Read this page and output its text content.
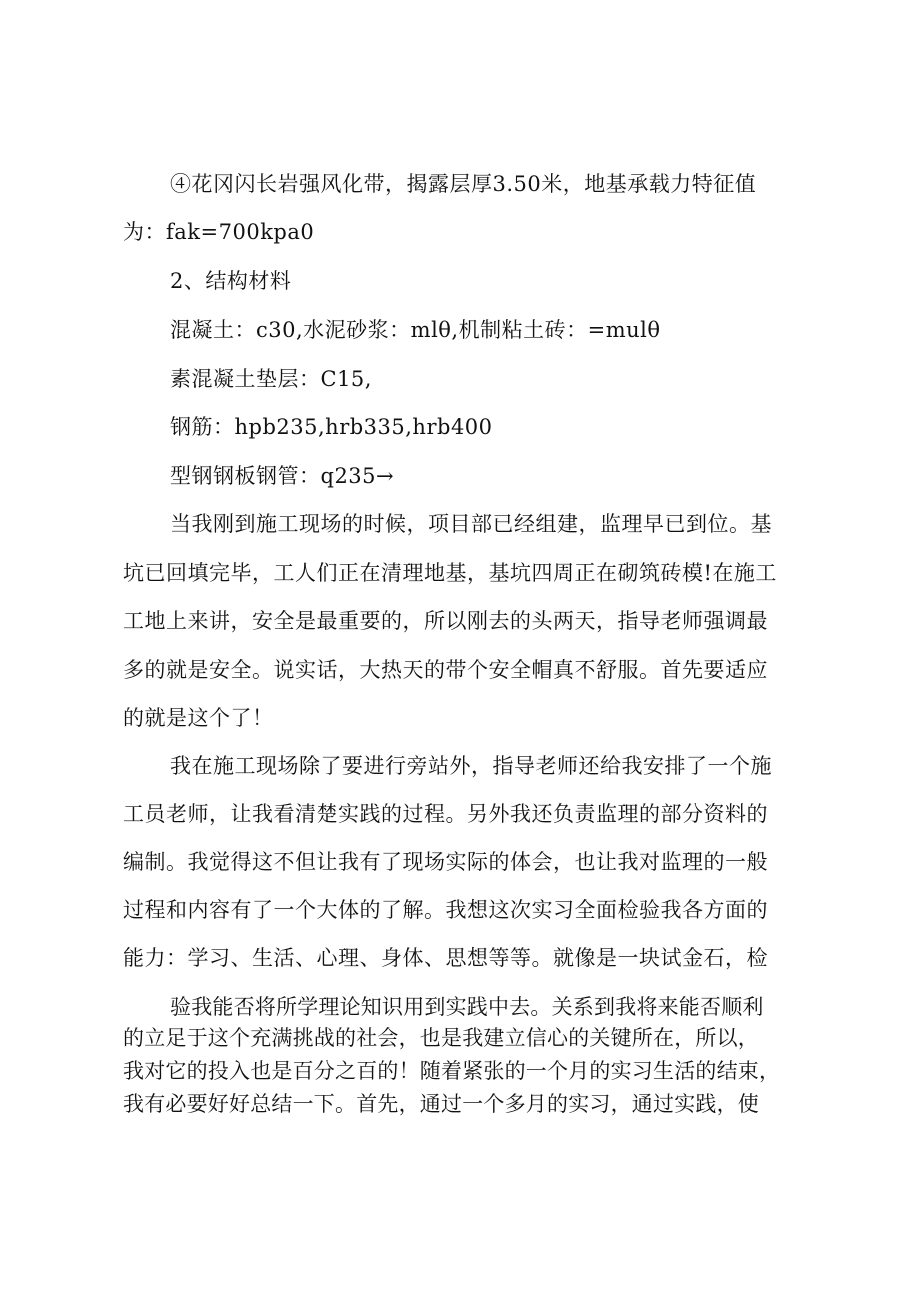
④花冈闪长岩强风化带，揭露层厚3.50米，地基承载力特征值
为：fak=700kpa0
2、结构材料
混凝土：c30,水泥砂浆：mlθ,机制粘土砖：=mulθ
素混凝土垫层：C15,
钢筋：hpb235,hrb335,hrb400
型钢钢板钢管：q235→
当我刚到施工现场的时候，项目部已经组建，监理早已到位。基
坑已回填完毕，工人们正在清理地基，基坑四周正在砌筑砖模!在施工
工地上来讲，安全是最重要的，所以刚去的头两天，指导老师强调最
多的就是安全。说实话，大热天的带个安全帽真不舒服。首先要适应
的就是这个了！
我在施工现场除了要进行旁站外，指导老师还给我安排了一个施
工员老师，让我看清楚实践的过程。另外我还负责监理的部分资料的
编制。我觉得这不但让我有了现场实际的体会，也让我对监理的一般
过程和内容有了一个大体的了解。我想这次实习全面检验我各方面的
能力：学习、生活、心理、身体、思想等等。就像是一块试金石，检
验我能否将所学理论知识用到实践中去。关系到我将来能否顺利
的立足于这个充满挑战的社会，也是我建立信心的关键所在，所以，
我对它的投入也是百分之百的！随着紧张的一个月的实习生活的结束，
我有必要好好总结一下。首先，通过一个多月的实习，通过实践，使
